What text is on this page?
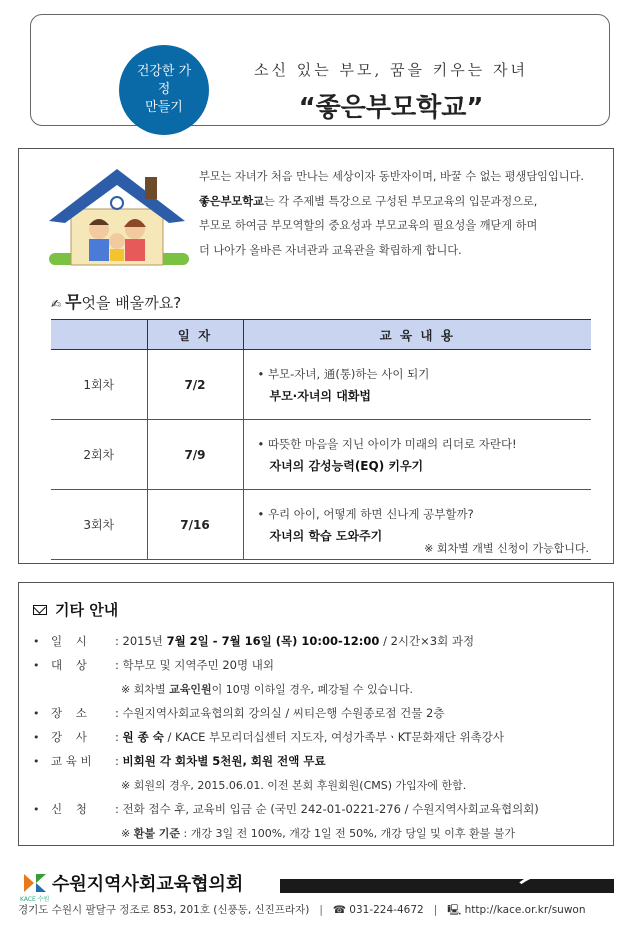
건강한 가정
만들기
소신 있는 부모, 꿈을 키우는 자녀
“좋은부모학교”
부모는 자녀가 처음 만나는 세상이자 동반자이며, 바꿀 수 없는 평생담임입니다.
좋은부모학교는 각 주제별 특강으로 구성된 부모교육의 입문과정으로,
부모로 하여금 부모역할의 중요성과 부모교육의 필요성을 깨닫게 하며
더 나아가 올바른 자녀관과 교육관을 확립하게 합니다.
✍ 무엇을 배울까요?
	일 자	교 육 내 용
1회차	7/2	• 부모-자녀, 通(통)하는 사이 되기
부모·자녀의 대화법

2회차	7/9	• 따뜻한 마음을 지닌 아이가 미래의 리더로 자란다!
자녀의 감성능력(EQ) 키우기

3회차	7/16	• 우리 아이, 어떻게 하면 신나게 공부할까?
자녀의 학습 도와주기
※ 회차별 개별 신청이 가능합니다.
기타 안내
•	일 시	: 2015년 7월 2일 - 7월 16일 (목) 10:00-12:00 / 2시간×3회 과정
•	대 상	: 학부모 및 지역주민 20명 내외
※ 회차별 교육인원이 10명 이하일 경우, 폐강될 수 있습니다.
•	장 소	: 수원지역사회교육협의회 강의실 / 씨티은행 수원종로점 건물 2층
•	강 사	: 원 종 숙 / KACE 부모리더십센터 지도자, 여성가족부ㆍKT문화재단 위촉강사
•	교 육 비	: 비회원 각 회차별 5천원, 회원 전액 무료
※ 회원의 경우, 2015.06.01. 이전 본회 후원회원(CMS) 가입자에 한함.
•	신 청	: 전화 접수 후, 교육비 입금 순 (국민 242-01-0221-276 / 수원지역사회교육협의회)
※ 환불 기준 : 개강 3일 전 100%, 개강 1일 전 50%, 개강 당일 및 이후 환불 불가
KACE 수원
수원지역사회교육협의회
경기도 수원시 팔달구 정조로 853, 201호 (신풍동, 신진프라자) | ☎ 031-224-4672 | 🖳 http://kace.or.kr/suwon
